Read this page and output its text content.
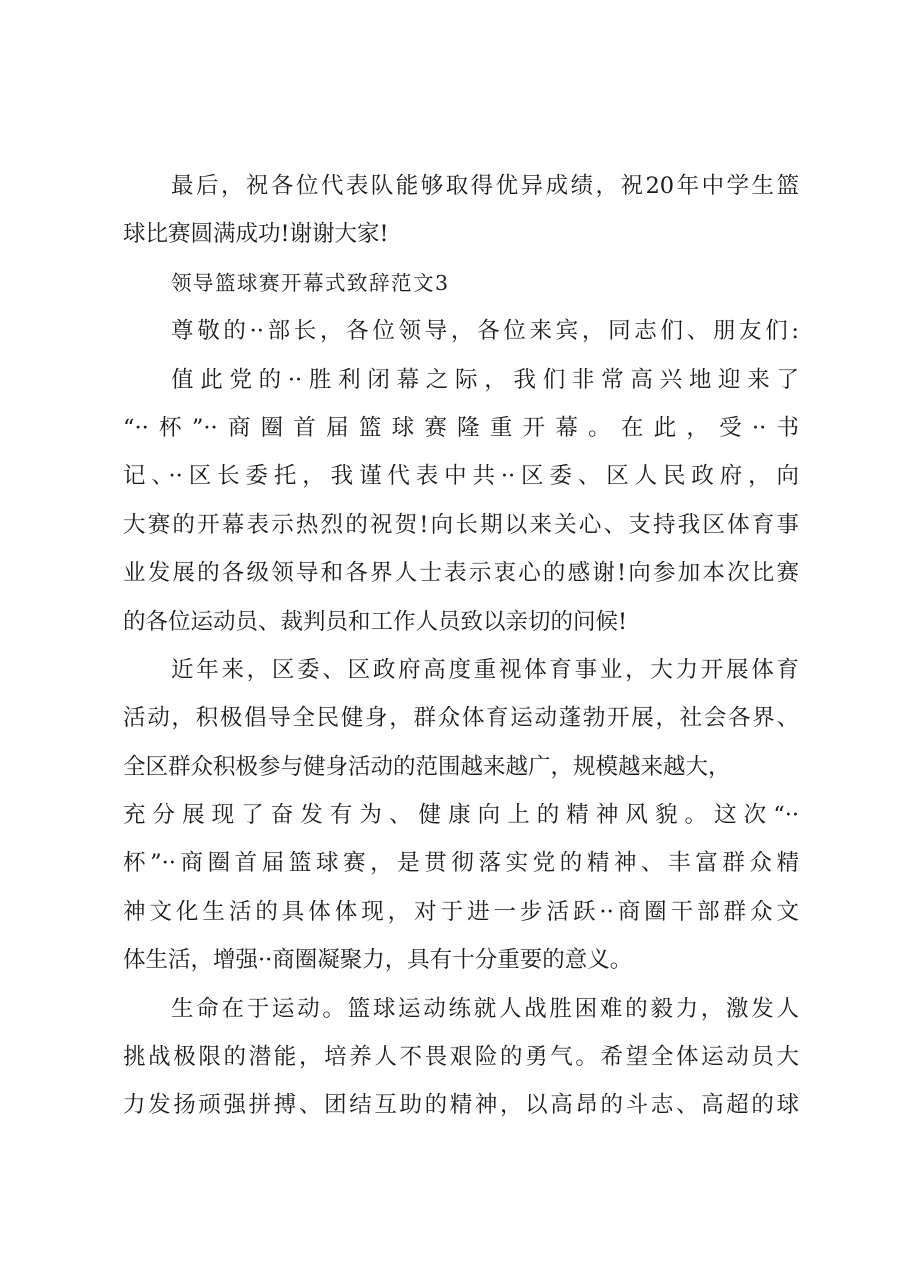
最后，祝各位代表队能够取得优异成绩，祝20年中学生篮
球比赛圆满成功!谢谢大家!
领导篮球赛开幕式致辞范文3
尊敬的··部长，各位领导，各位来宾，同志们、朋友们:
值此党的··胜利闭幕之际，我们非常高兴地迎来了
“··杯”··商圈首届篮球赛隆重开幕。在此，受··书
记、··区长委托，我谨代表中共··区委、区人民政府，向
大赛的开幕表示热烈的祝贺!向长期以来关心、支持我区体育事
业发展的各级领导和各界人士表示衷心的感谢!向参加本次比赛
的各位运动员、裁判员和工作人员致以亲切的问候!
近年来，区委、区政府高度重视体育事业，大力开展体育
活动，积极倡导全民健身，群众体育运动蓬勃开展，社会各界、
全区群众积极参与健身活动的范围越来越广，规模越来越大，
充分展现了奋发有为、健康向上的精神风貌。这次“··
杯”··商圈首届篮球赛，是贯彻落实党的精神、丰富群众精
神文化生活的具体体现，对于进一步活跃··商圈干部群众文
体生活，增强··商圈凝聚力，具有十分重要的意义。
生命在于运动。篮球运动练就人战胜困难的毅力，激发人
挑战极限的潜能，培养人不畏艰险的勇气。希望全体运动员大
力发扬顽强拼搏、团结互助的精神，以高昂的斗志、高超的球
